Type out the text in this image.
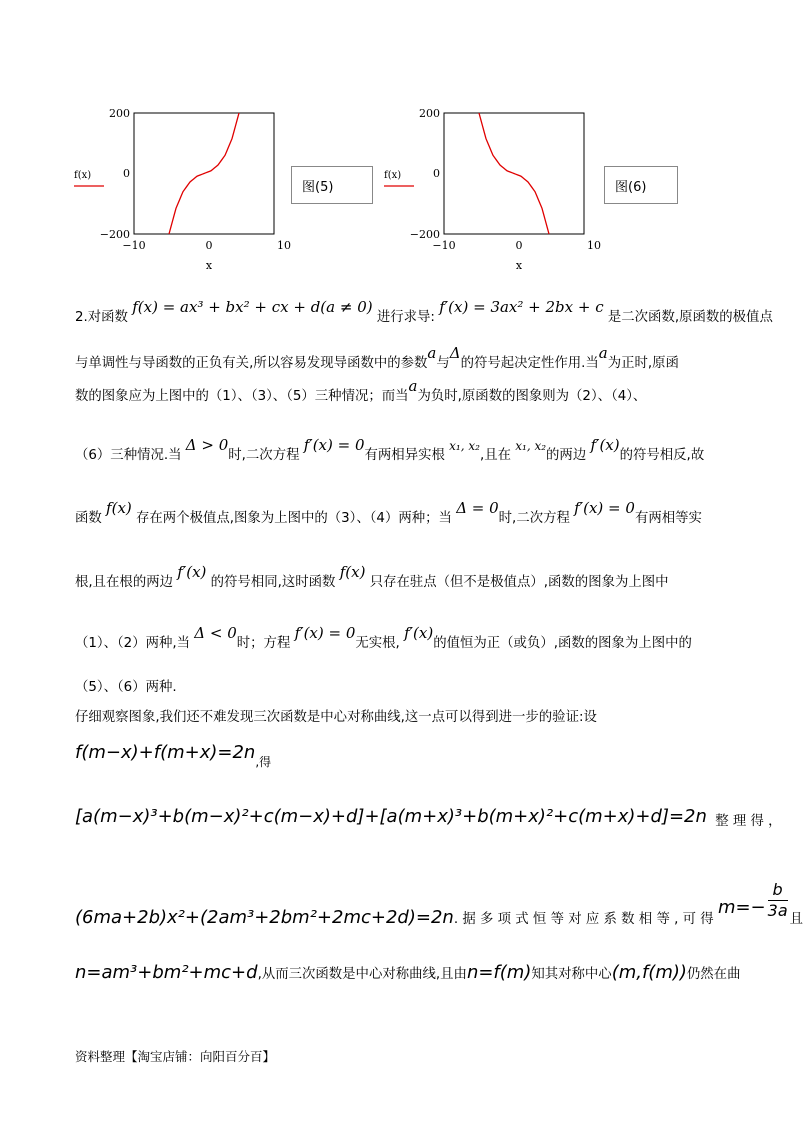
200
0
−200
−10	0	10
x
f(x)
图(5)
200
0
−200
−10	0	10
x
f(x)
图(6)
2.对函数 f(x) = ax³ + bx² + cx + d(a ≠ 0) 进行求导: f′(x) = 3ax² + 2bx + c 是二次函数,原函数的极值点
与单调性与导函数的正负有关,所以容易发现导函数中的参数a与Δ的符号起决定性作用.当a为正时,原函
数的图象应为上图中的（1）、（3）、（5）三种情况；而当a为负时,原函数的图象则为（2）、（4）、
（6）三种情况.当 Δ > 0时,二次方程 f′(x) = 0有两相异实根 x₁, x₂,且在 x₁, x₂的两边 f′(x)的符号相反,故
函数 f(x) 存在两个极值点,图象为上图中的（3）、（4）两种；当 Δ = 0时,二次方程 f′(x) = 0有两相等实
根,且在根的两边 f′(x) 的符号相同,这时函数 f(x) 只存在驻点（但不是极值点）,函数的图象为上图中
（1）、（2）两种,当 Δ < 0时；方程 f′(x) = 0无实根, f′(x)的值恒为正（或负）,函数的图象为上图中的
（5）、（6）两种.
仔细观察图象,我们还不难发现三次函数是中心对称曲线,这一点可以得到进一步的验证:设
f(m−x)+f(m+x)=2n,得
[a(m−x)³+b(m−x)²+c(m−x)+d]+[a(m+x)³+b(m+x)²+c(m+x)+d]=2n 整 理 得 ，
(6ma+2b)x²+(2am³+2bm²+2mc+2d)=2n. 据 多 项 式 恒 等 对 应 系 数 相 等 , 可 得 $m=- \frac{b}{3a}$ 且
n=am³+bm²+mc+d,从而三次函数是中心对称曲线,且由n=f(m)知其对称中心(m,f(m))仍然在曲
资料整理【淘宝店铺：向阳百分百】
